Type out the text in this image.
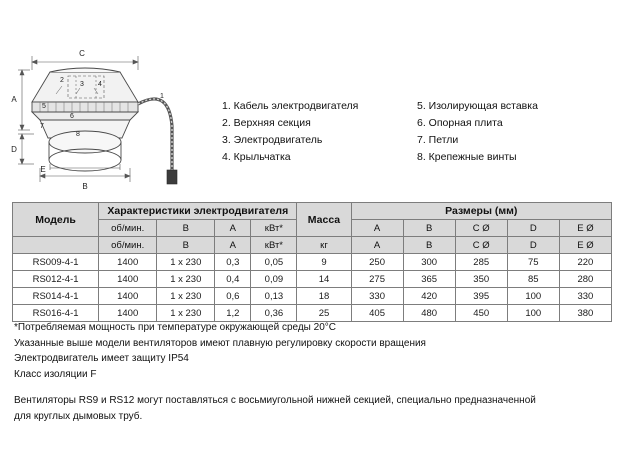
C
A
D
2
3 4
5
6
7
8
1
B
E
1. Кабель электродвигателя
2. Верхняя секция
3. Электродвигатель
4. Крыльчатка
5. Изолирующая вставка
6. Опорная плита
7. Петли
8. Крепежные винты
Модель	Характеристики электродвигателя				Масса	Размеры (мм)				
	об/мин.	B	A	кВт*		A	B	C Ø	D	E Ø
	об/мин.	B	A	кВт*	кг	A	B	C Ø	D	E Ø
RS009-4-1	1400	1 x 230	0,3	0,05	9	250	300	285	75	220
RS012-4-1	1400	1 x 230	0,4	0,09	14	275	365	350	85	280
RS014-4-1	1400	1 x 230	0,6	0,13	18	330	420	395	100	330
RS016-4-1	1400	1 x 230	1,2	0,36	25	405	480	450	100	380

*Потребляемая мощность при температуре окружающей среды 20°C

Указанные выше модели вентиляторов имеют плавную регулировку скорости вращения

Электродвигатель имеет защиту IP54

Класс изоляции F

Вентиляторы RS9 и RS12 могут поставляться с восьмиугольной нижней секцией, специально предназначенной

для круглых дымовых труб.
